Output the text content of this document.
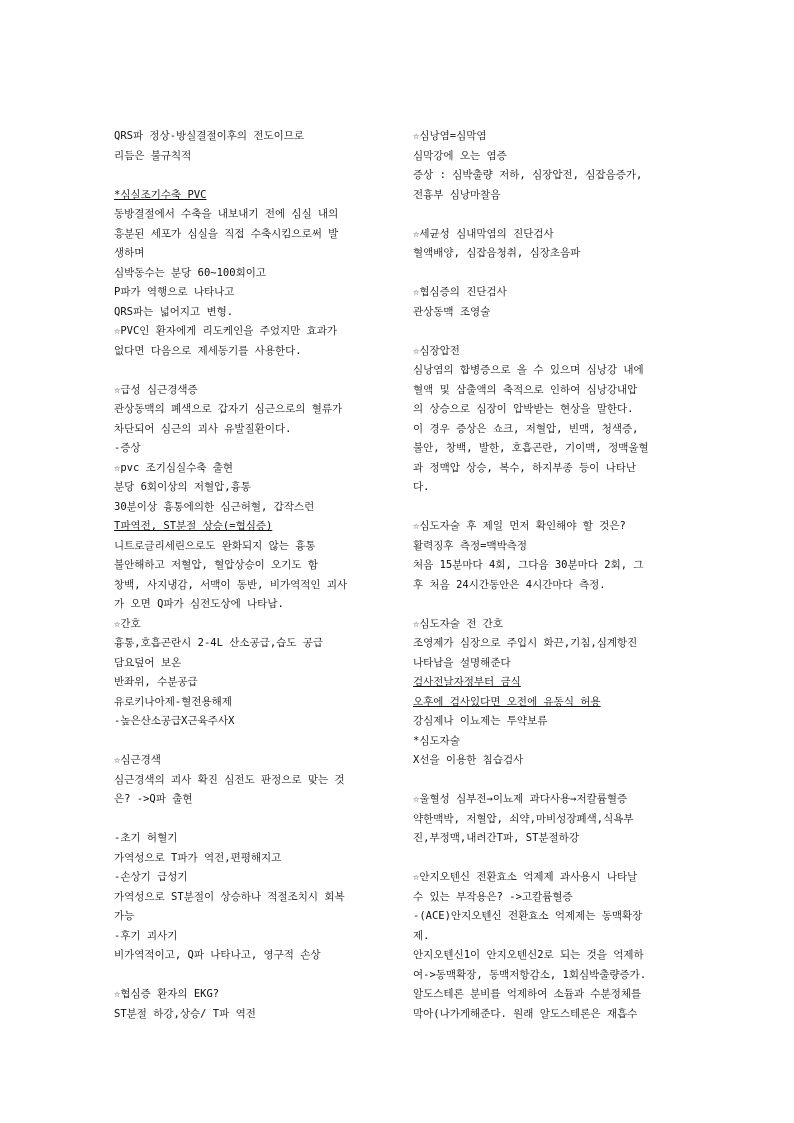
QRS파 정상-방실결절이후의 전도이므로
리듬은 불규칙적
*심실조기수축 PVC
동방결절에서 수축을 내보내기 전에 심실 내의
흥분된 세포가 심실을 직접 수축시킴으로써 발
생하며
심박동수는 분당 60~100회이고
P파가 역행으로 나타나고
QRS파는 넓어지고 변형.
☆PVC인 환자에게 리도케인을 주었지만 효과가
없다면 다음으로 제세동기를 사용한다.
☆급성 심근경색증
관상동맥의 폐색으로 갑자기 심근으로의 혈류가
차단되어 심근의 괴사 유발질환이다.
-증상
☆pvc 조기심실수축 출현
분당 6회이상의 저혈압,흉통
30분이상 흉통에의한 심근허혈, 갑작스런
T파역전, ST분절 상승(=협심증)
니트로글리세린으로도 완화되지 않는 흉통
불안해하고 저혈압, 혈압상승이 오기도 함
창백, 사지냉감, 서맥이 동반, 비가역적인 괴사
가 오면 Q파가 심전도상에 나타남.
☆간호
흉통,호흡곤란시 2-4L 산소공급,습도 공급
담요덮어 보온
반좌위, 수분공급
유로키나아제-혈전용해제
-높은산소공급X근육주사X
☆심근경색
심근경색의 괴사 확진 심전도 판정으로 맞는 것
은? ->Q파 출현
-초기 허혈기
가역성으로 T파가 역전,편평해지고
-손상기 급성기
가역성으로 ST분절이 상승하나 적절조치시 회복
가능
-후기 괴사기
비가역적이고, Q파 나타나고, 영구적 손상
☆협심증 환자의 EKG?
ST분절 하강,상승/ T파 역전
☆심낭염=심막염
심막강에 오는 염증
증상 : 심박출량 저하, 심장압전, 심잡음증가,
전흉부 심낭마찰음
☆세균성 심내막염의 진단검사
혈액배양, 심잡음청취, 심장초음파
☆협심증의 진단검사
관상동맥 조영술
☆심장압전
심낭염의 합병증으로 올 수 있으며 심낭강 내에
혈액 및 삼출액의 축적으로 인하여 심낭강내압
의 상승으로 심장이 압박받는 현상을 말한다.
이 경우 증상은 쇼크, 저혈압, 빈맥, 청색증,
불안, 창백, 발한, 호흡곤란, 기이맥, 정맥울혈
과 정맥압 상승, 복수, 하지부종 등이 나타난
다.
☆심도자술 후 제일 먼저 확인해야 할 것은?
활력징후 측정=맥박측정
처음 15분마다 4회, 그다음 30분마다 2회, 그
후 처음 24시간동안은 4시간마다 측정.
☆심도자술 전 간호
조영제가 심장으로 주입시 화끈,기침,심계항진
나타남을 설명해준다
검사전날자정부터 금식
오후에 검사있다면 오전에 유동식 허용
강심제나 이뇨제는 투약보류
*심도자술
X선을 이용한 침습검사
☆울혈성 심부전→이뇨제 과다사용→저칼륨혈증
약한맥박, 저혈압, 쇠약,마비성장폐색,식욕부
진,부정맥,내려간T파, ST분절하강
☆안지오텐신 전환효소 억제제 과사용시 나타날
수 있는 부작용은? ->고칼륨혈증
-(ACE)안지오텐신 전환효소 억제제는 동맥확장
제.
안지오텐신1이 안지오텐신2로 되는 것을 억제하
여->동맥확장, 동맥저항감소, 1회심박출량증가.
알도스테론 분비를 억제하여 소듐과 수분정체를
막아(나가게해준다. 원래 알도스테론은 재흡수
